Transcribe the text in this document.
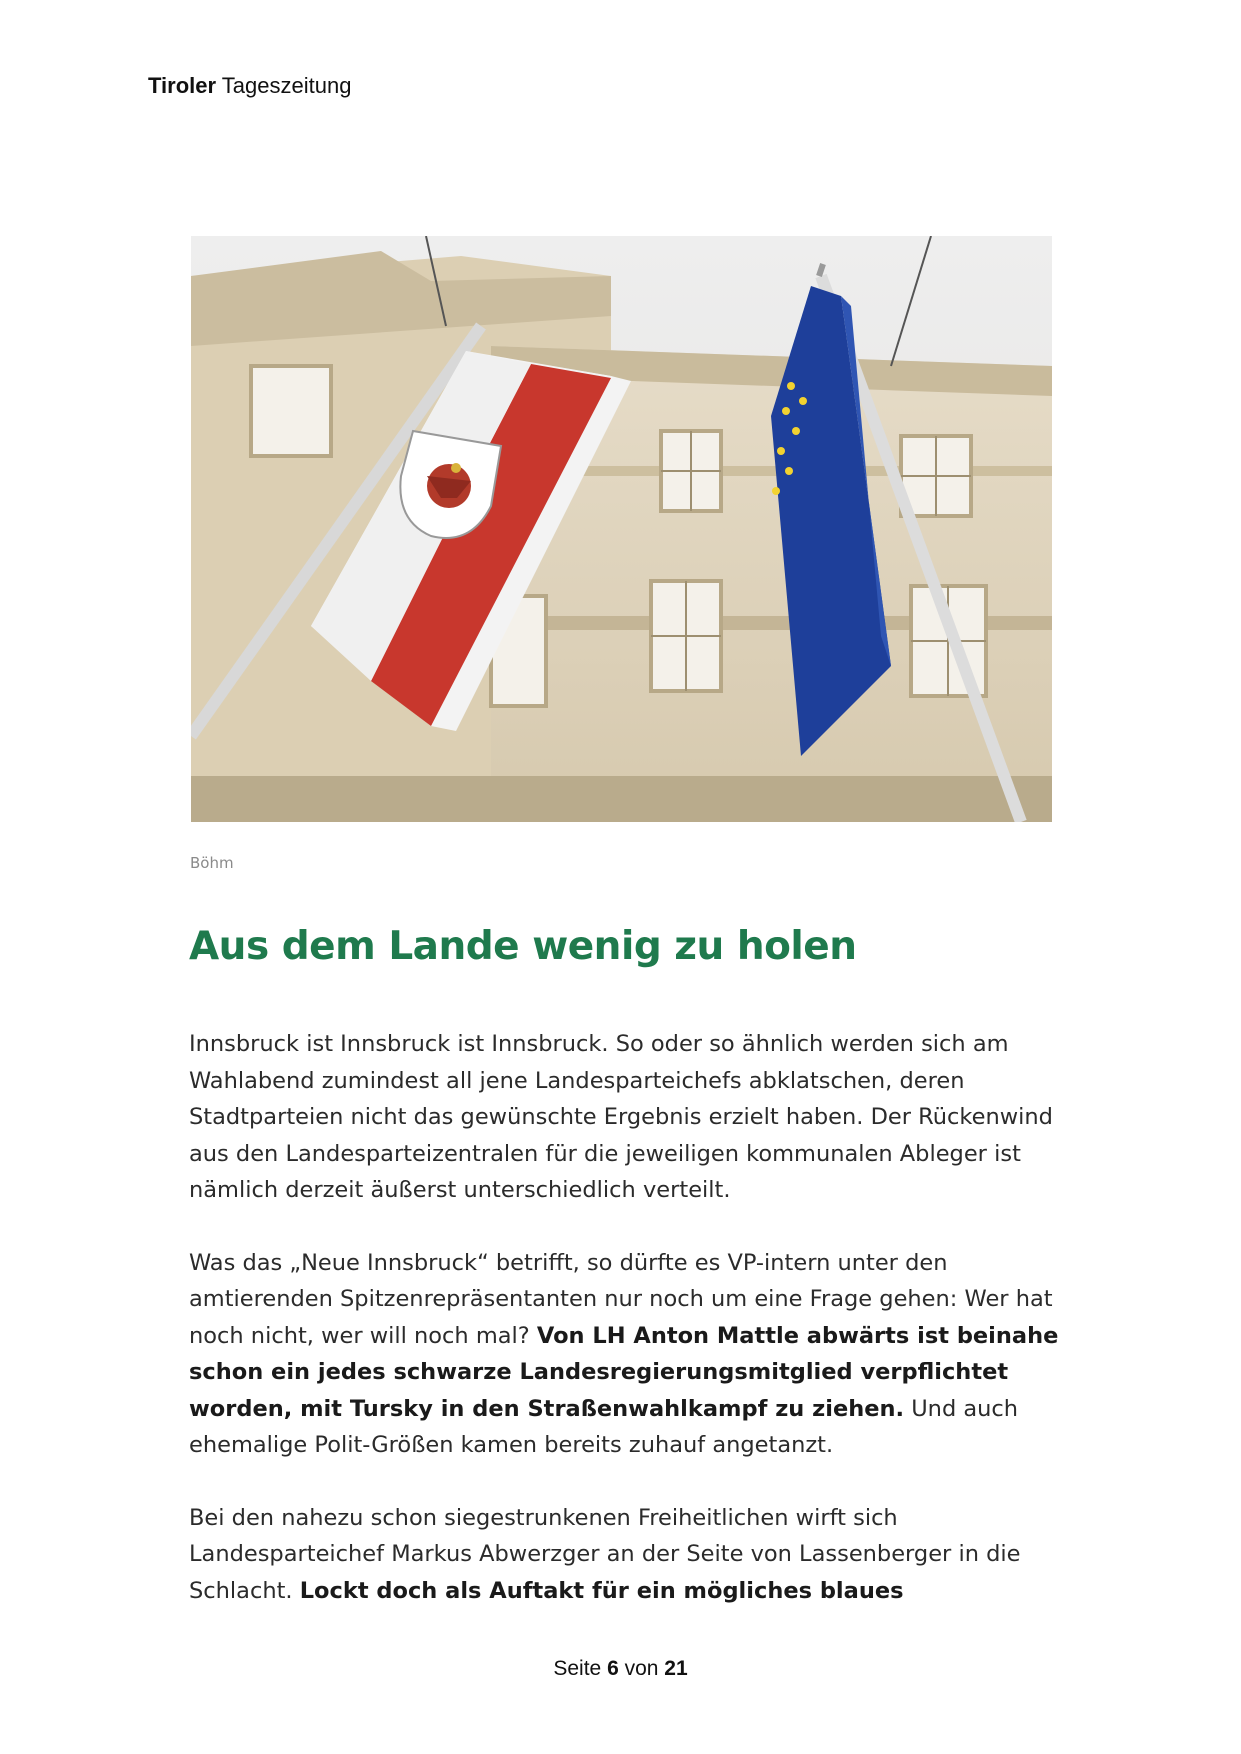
Tiroler Tageszeitung
Böhm
Aus dem Lande wenig zu holen

Innsbruck ist Innsbruck ist Innsbruck. So oder so ähnlich werden sich am Wahlabend zumindest all jene Landesparteichefs abklatschen, deren Stadtparteien nicht das gewünschte Ergebnis erzielt haben. Der Rückenwind aus den Landesparteizentralen für die jeweiligen kommunalen Ableger ist nämlich derzeit äußerst unterschiedlich verteilt.

Was das „Neue Innsbruck“ betrifft, so dürfte es VP-intern unter den amtierenden Spitzenrepräsentanten nur noch um eine Frage gehen: Wer hat noch nicht, wer will noch mal? Von LH Anton Mattle abwärts ist beinahe schon ein jedes schwarze Landesregierungsmitglied verpflichtet worden, mit Tursky in den Straßenwahlkampf zu ziehen. Und auch ehemalige Polit-Größen kamen bereits zuhauf angetanzt.

Bei den nahezu schon siegestrunkenen Freiheitlichen wirft sich Landesparteichef Markus Abwerzger an der Seite von Lassenberger in die Schlacht. Lockt doch als Auftakt für ein mögliches blaues

Seite 6 von 21
